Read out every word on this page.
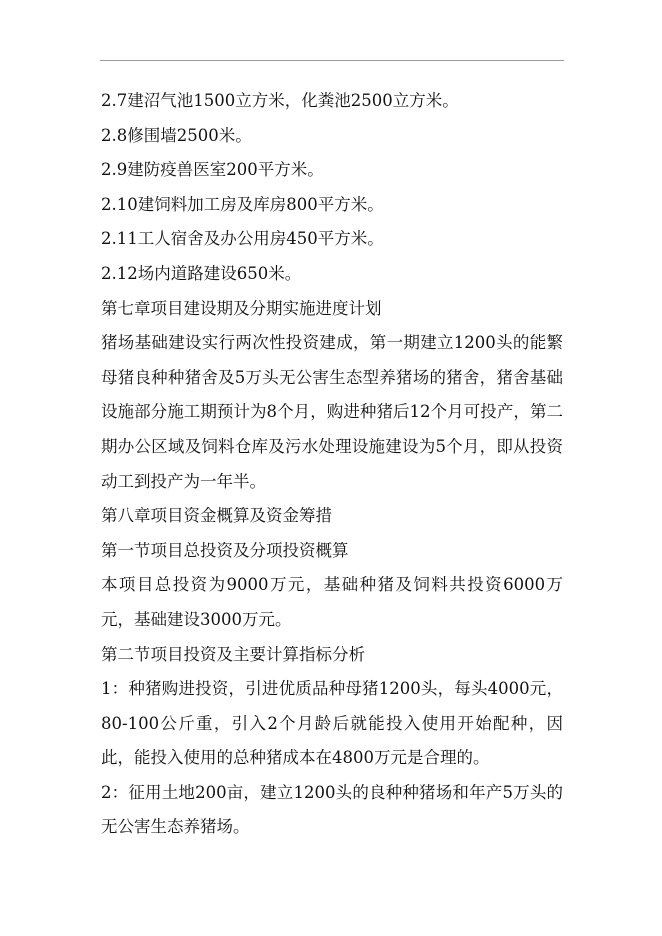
2.7建沼气池1500立方米，化粪池2500立方米。

2.8修围墙2500米。

2.9建防疫兽医室200平方米。

2.10建饲料加工房及库房800平方米。

2.11工人宿舍及办公用房450平方米。

2.12场内道路建设650米。

第七章项目建设期及分期实施进度计划

猪场基础建设实行两次性投资建成，第一期建立1200头的能繁母猪良种种猪舍及5万头无公害生态型养猪场的猪舍，猪舍基础设施部分施工期预计为8个月，购进种猪后12个月可投产，第二期办公区域及饲料仓库及污水处理设施建设为5个月，即从投资动工到投产为一年半。

第八章项目资金概算及资金筹措

第一节项目总投资及分项投资概算

本项目总投资为9000万元，基础种猪及饲料共投资6000万元，基础建设3000万元。

第二节项目投资及主要计算指标分析

1：种猪购进投资，引进优质品种母猪1200头，每头4000元，80-100公斤重，引入2个月龄后就能投入使用开始配种，因此，能投入使用的总种猪成本在4800万元是合理的。

2：征用土地200亩，建立1200头的良种种猪场和年产5万头的无公害生态养猪场。
